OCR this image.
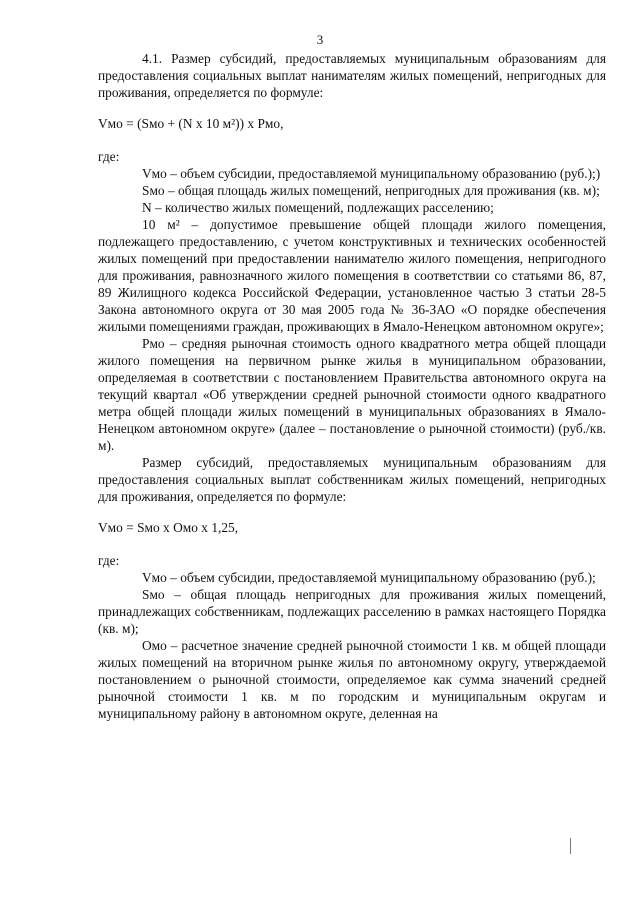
3

4.1. Размер субсидий, предоставляемых муниципальным образованиям для предоставления социальных выплат нанимателям жилых помещений, непригодных для проживания, определяется по формуле:

Vмо = (Sмо + (N x 10 м²)) х Рмо,

где:

Vмо – объем субсидии, предоставляемой муниципальному образованию (руб.);)

Sмо – общая площадь жилых помещений, непригодных для проживания (кв. м);

N – количество жилых помещений, подлежащих расселению;

10 м² – допустимое превышение общей площади жилого помещения, подлежащего предоставлению, с учетом конструктивных и технических особенностей жилых помещений при предоставлении нанимателю жилого помещения, непригодного для проживания, равнозначного жилого помещения в соответствии со статьями 86, 87, 89 Жилищного кодекса Российской Федерации, установленное частью 3 статьи 28-5 Закона автономного округа от 30 мая 2005 года № 36-ЗАО «О порядке обеспечения жилыми помещениями граждан, проживающих в Ямало-Ненецком автономном округе»;

Рмо – средняя рыночная стоимость одного квадратного метра общей площади жилого помещения на первичном рынке жилья в муниципальном образовании, определяемая в соответствии с постановлением Правительства автономного округа на текущий квартал «Об утверждении средней рыночной стоимости одного квадратного метра общей площади жилых помещений в муниципальных образованиях в Ямало-Ненецком автономном округе» (далее – постановление о рыночной стоимости) (руб./кв. м).

Размер субсидий, предоставляемых муниципальным образованиям для предоставления социальных выплат собственникам жилых помещений, непригодных для проживания, определяется по формуле:

Vмо = Sмо х Омо х 1,25,

где:

Vмо – объем субсидии, предоставляемой муниципальному образованию (руб.);

Sмо – общая площадь непригодных для проживания жилых помещений, принадлежащих собственникам, подлежащих расселению в рамках настоящего Порядка (кв. м);

Омо – расчетное значение средней рыночной стоимости 1 кв. м общей площади жилых помещений на вторичном рынке жилья по автономному округу, утверждаемой постановлением о рыночной стоимости, определяемое как сумма значений средней рыночной стоимости 1 кв. м по городским и муниципальным округам и муниципальному району в автономном округе, деленная на
